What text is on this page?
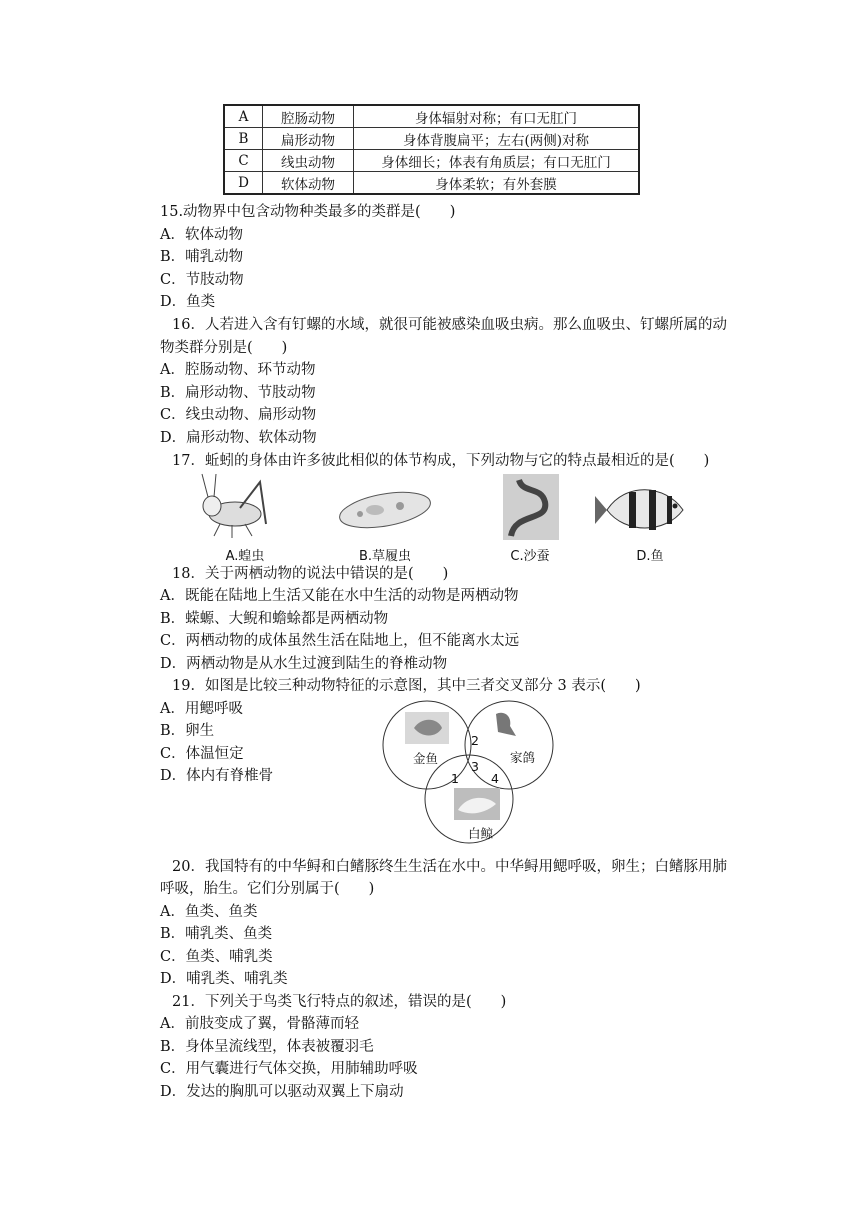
A	腔肠动物	身体辐射对称；有口无肛门
B	扁形动物	身体背腹扁平；左右(两侧)对称
C	线虫动物	身体细长；体表有角质层；有口无肛门
D	软体动物	身体柔软；有外套膜
15.动物界中包含动物种类最多的类群是(　　)
A．软体动物
B．哺乳动物
C．节肢动物
D．鱼类
16．人若进入含有钉螺的水域，就很可能被感染血吸虫病。那么血吸虫、钉螺所属的动
物类群分别是(　　)
A．腔肠动物、环节动物
B．扁形动物、节肢动物
C．线虫动物、扁形动物
D．扁形动物、软体动物
17．蚯蚓的身体由许多彼此相似的体节构成，下列动物与它的特点最相近的是(　　)
A.蝗虫	B.草履虫	C.沙蚕	D.鱼
18．关于两栖动物的说法中错误的是(　　)
A．既能在陆地上生活又能在水中生活的动物是两栖动物
B．蝾螈、大鲵和蟾蜍都是两栖动物
C．两栖动物的成体虽然生活在陆地上，但不能离水太远
D．两栖动物是从水生过渡到陆生的脊椎动物
19．如图是比较三种动物特征的示意图，其中三者交叉部分 3 表示(　　)
A．用鳃呼吸
B．卵生
C．体温恒定
D．体内有脊椎骨
金鱼	家鸽
白鲸
1
2
3
4
20．我国特有的中华鲟和白鳍豚终生生活在水中。中华鲟用鳃呼吸，卵生；白鳍豚用肺
呼吸，胎生。它们分别属于(　　)
A．鱼类、鱼类
B．哺乳类、鱼类
C．鱼类、哺乳类
D．哺乳类、哺乳类
21．下列关于鸟类飞行特点的叙述，错误的是(　　)
A．前肢变成了翼，骨骼薄而轻
B．身体呈流线型，体表被覆羽毛
C．用气囊进行气体交换，用肺辅助呼吸
D．发达的胸肌可以驱动双翼上下扇动
